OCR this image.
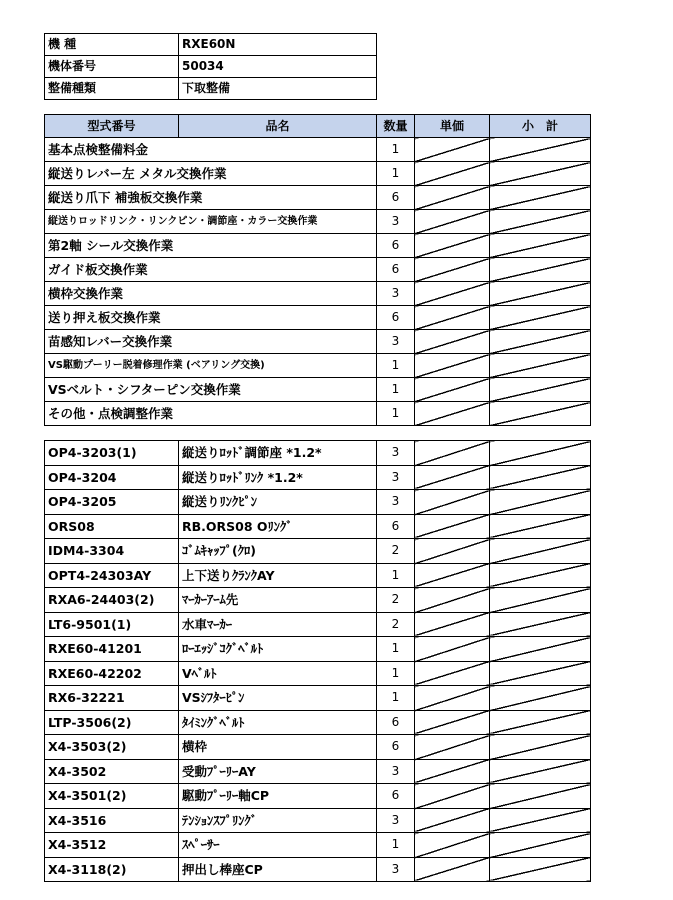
機 種	RXE60N
機体番号	50034
整備種類	下取整備
型式番号	品名	数量	単価	小　計
基本点検整備料金		1		
縦送りレバー左 メタル交換作業		1		
縦送り爪下 補強板交換作業		6		
縦送りロッドリンク・リンクピン・調節座・カラー交換作業		3		
第2軸 シール交換作業		6		
ガイド板交換作業		6		
横枠交換作業		3		
送り押え板交換作業		6		
苗感知レバー交換作業		3		
VS駆動プーリー脱着修理作業 (ベアリング交換)		1		
VSベルト・シフターピン交換作業		1		
その他・点検調整作業		1		
OP4-3203(1)	縦送りﾛｯﾄﾞ調節座 *1.2*	3		
OP4-3204	縦送りﾛｯﾄﾞﾘﾝｸ *1.2*	3		
OP4-3205	縦送りﾘﾝｸﾋﾟﾝ	3		
ORS08	RB.ORS08 Oﾘﾝｸﾞ	6		
IDM4-3304	ｺﾞﾑｷｬｯﾌﾟ(ｸﾛ)	2		
OPT4-24303AY	上下送りｸﾗﾝｸAY	1		
RXA6-24403(2)	ﾏｰｶｰｱｰﾑ先	2		
LT6-9501(1)	水車ﾏｰｶｰ	2		
RXE60-41201	ﾛｰｴｯｼﾞｺｸﾞﾍﾞﾙﾄ	1		
RXE60-42202	Vﾍﾞﾙﾄ	1		
RX6-32221	VSｼﾌﾀｰﾋﾟﾝ	1		
LTP-3506(2)	ﾀｲﾐﾝｸﾞﾍﾞﾙﾄ	6		
X4-3503(2)	横枠	6		
X4-3502	受動ﾌﾟｰﾘｰAY	3		
X4-3501(2)	駆動ﾌﾟｰﾘｰ軸CP	6		
X4-3516	ﾃﾝｼｮﾝｽﾌﾟﾘﾝｸﾞ	3		
X4-3512	ｽﾍﾟｰｻｰ	1		
X4-3118(2)	押出し棒座CP	3		
